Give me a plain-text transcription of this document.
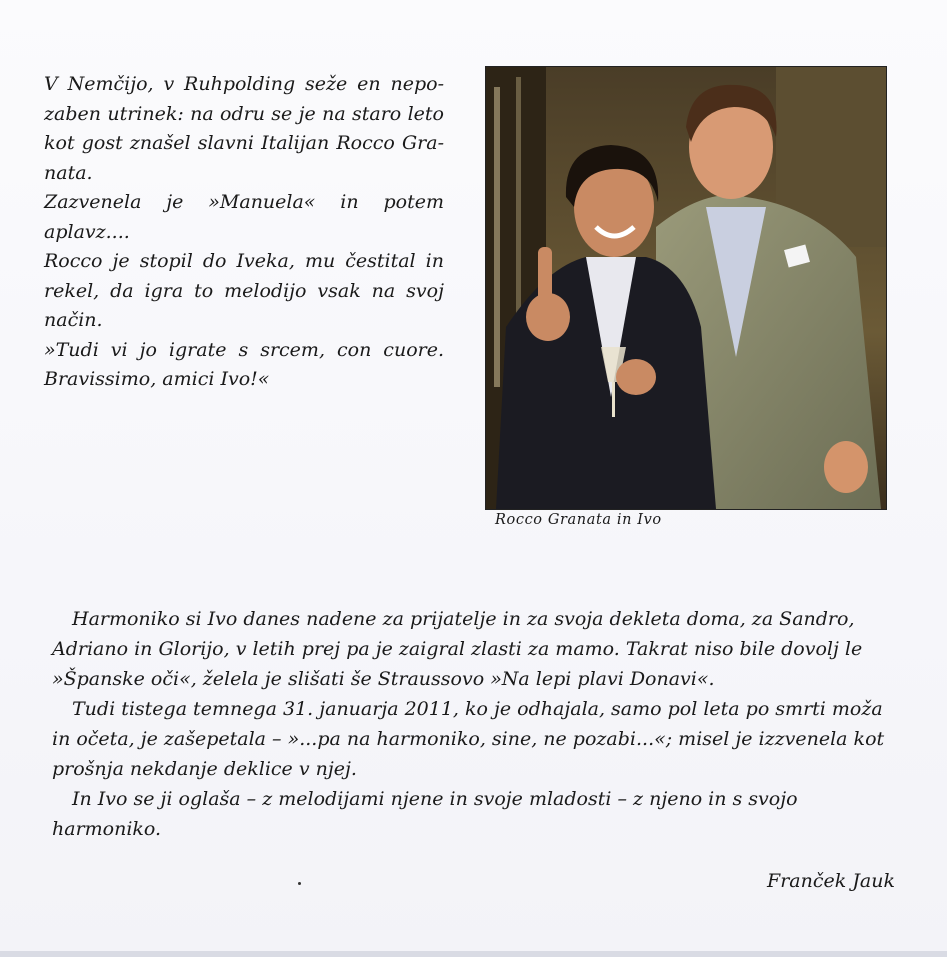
V Nemčijo, v Ruhpolding seže en nepo-

zaben utrinek: na odru se je na staro leto

kot gost znašel slavni Italijan Rocco Gra-

nata.

Zazvenela je »Manuela« in potem

aplavz....

Rocco je stopil do Iveka, mu čestital in

rekel, da igra to melodijo vsak na svoj

način.

»Tudi vi jo igrate s srcem, con cuore.

Bravissimo, amici Ivo!«

Rocco Granata in Ivo

Harmoniko si Ivo danes nadene za prijatelje in za svoja dekleta doma, za Sandro,

Adriano in Glorijo, v letih prej pa je zaigral zlasti za mamo. Takrat niso bile dovolj le

»Španske oči«, želela je slišati še Straussovo »Na lepi plavi Donavi«.

Tudi tistega temnega 31. januarja 2011, ko je odhajala, samo pol leta po smrti moža

in očeta, je zašepetala – »...pa na harmoniko, sine, ne pozabi...«; misel je izzvenela kot

prošnja nekdanje deklice v njej.

In Ivo se ji oglaša – z melodijami njene in svoje mladosti – z njeno in s svojo

harmoniko.

Franček Jauk
